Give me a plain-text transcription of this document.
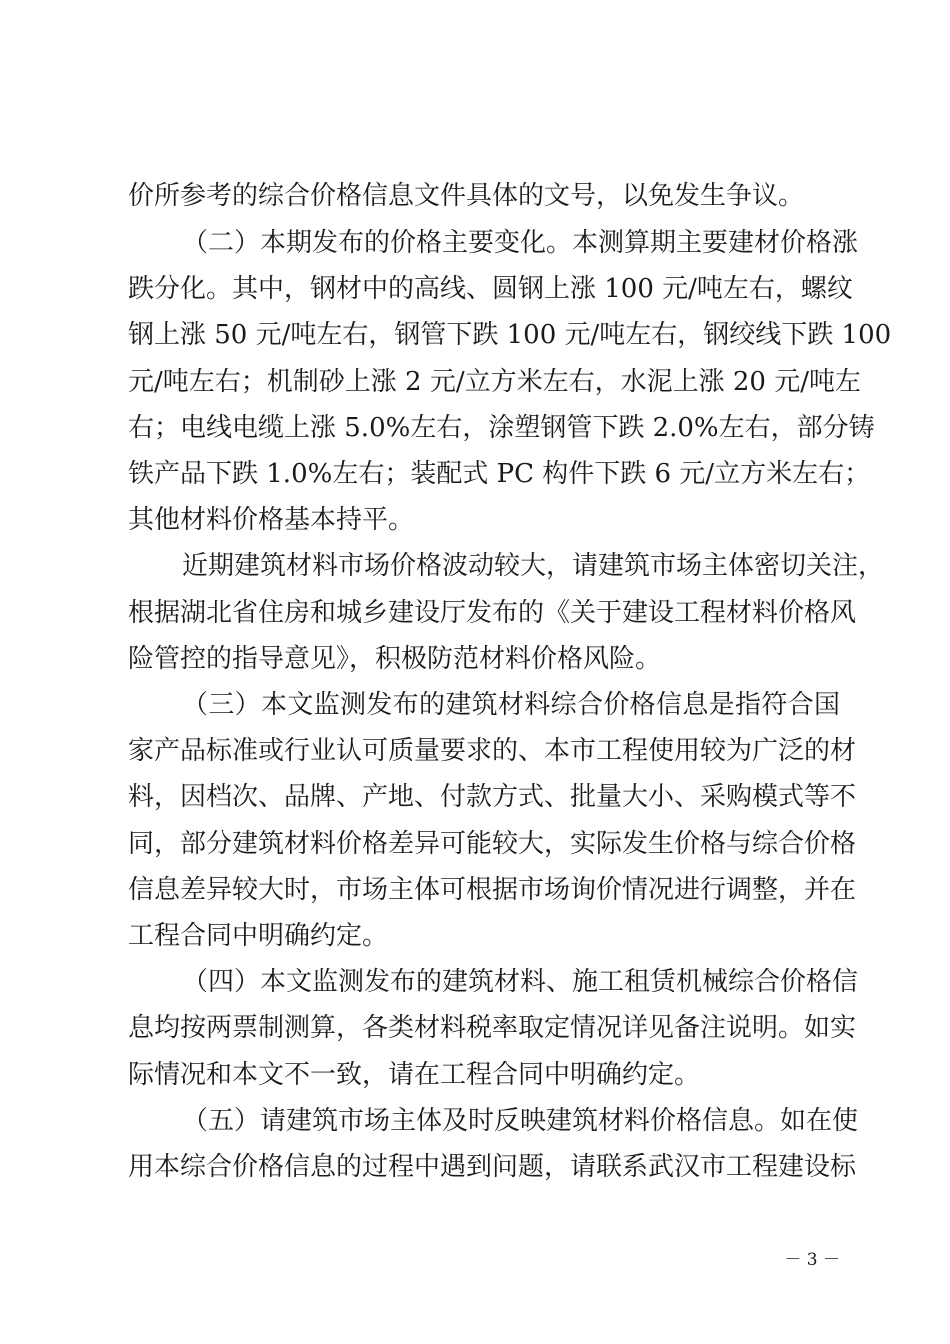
价所参考的综合价格信息文件具体的文号，以免发生争议。
（二）本期发布的价格主要变化。本测算期主要建材价格涨
跌分化。其中，钢材中的高线、圆钢上涨 100 元/吨左右，螺纹
钢上涨 50 元/吨左右，钢管下跌 100 元/吨左右，钢绞线下跌 100
元/吨左右；机制砂上涨 2 元/立方米左右，水泥上涨 20 元/吨左
右；电线电缆上涨 5.0%左右，涂塑钢管下跌 2.0%左右，部分铸
铁产品下跌 1.0%左右；装配式 PC 构件下跌 6 元/立方米左右；
其他材料价格基本持平。
近期建筑材料市场价格波动较大，请建筑市场主体密切关注，
根据湖北省住房和城乡建设厅发布的《关于建设工程材料价格风
险管控的指导意见》，积极防范材料价格风险。
（三）本文监测发布的建筑材料综合价格信息是指符合国
家产品标准或行业认可质量要求的、本市工程使用较为广泛的材
料，因档次、品牌、产地、付款方式、批量大小、采购模式等不
同，部分建筑材料价格差异可能较大，实际发生价格与综合价格
信息差异较大时，市场主体可根据市场询价情况进行调整，并在
工程合同中明确约定。
（四）本文监测发布的建筑材料、施工租赁机械综合价格信
息均按两票制测算，各类材料税率取定情况详见备注说明。如实
际情况和本文不一致，请在工程合同中明确约定。
（五）请建筑市场主体及时反映建筑材料价格信息。如在使
用本综合价格信息的过程中遇到问题，请联系武汉市工程建设标
－ 3 －
